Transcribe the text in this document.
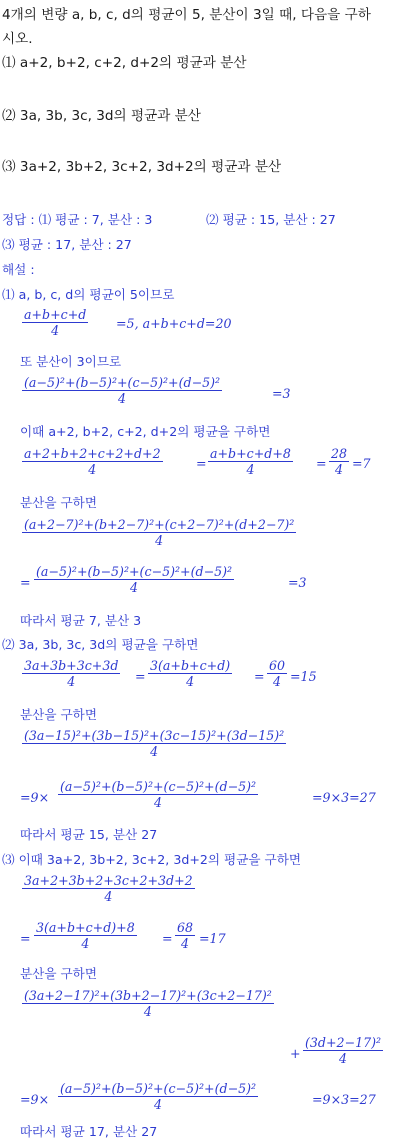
4개의 변량 a, b, c, d의 평균이 5, 분산이 3일 때, 다음을 구하
시오.
⑴ a+2, b+2, c+2, d+2의 평균과 분산
⑵ 3a, 3b, 3c, 3d의 평균과 분산
⑶ 3a+2, 3b+2, 3c+2, 3d+2의 평균과 분산
정답 : ⑴ 평균 : 7, 분산 : 3	⑵ 평균 : 15, 분산 : 27
⑶ 평균 : 17, 분산 : 27
해설 :
⑴ a, b, c, d의 평균이 5이므로
$\frac{a+b+c+d}{4} =5$, a+b+c+d=20
또 분산이 3이므로
$\frac{\text{(a−5)²+(b−5)²+(c−5)²+(d−5)²}}{4}$	=3
이때 a+2, b+2, c+2, d+2의 평균을 구하면
$\frac{a+2+b+2+c+2+d+2}{4}$	= $\frac{a+b+c+d+8}{4} = \frac{28}{4} =7$
분산을 구하면
$\frac{\text{(a+2−7)²+(b+2−7)²+(c+2−7)²+(d+2−7)²}}{4}$
= $\frac{\text{(a−5)²+(b−5)²+(c−5)²+(d−5)²}}{4}$	=3
따라서 평균 7, 분산 3
⑵ 3a, 3b, 3c, 3d의 평균을 구하면
$\frac{3a+3b+3c+3d}{4} = \frac{3(a+b+c+d)}{4} = \frac{60}{4} =15$
분산을 구하면
$\frac{\text{(3a−15)²+(3b−15)²+(3c−15)²+(3d−15)²}}{4}$
$=9\times \frac{\text{(a−5)²+(b−5)²+(c−5)²+(d−5)²}}{4}$	=9×3=27
따라서 평균 15, 분산 27
⑶ 이때 3a+2, 3b+2, 3c+2, 3d+2의 평균을 구하면
$\frac{3a+2+3b+2+3c+2+3d+2}{4}$
= $\frac{3(a+b+c+d)+8}{4} = \frac{68}{4} =17$
분산을 구하면
$\frac{\text{(3a+2−17)²+(3b+2−17)²+(3c+2−17)²}}{4}$
+ $\frac{\text{(3d+2−17)²}}{4}$
$=9\times \frac{\text{(a−5)²+(b−5)²+(c−5)²+(d−5)²}}{4}$	=9×3=27
따라서 평균 17, 분산 27
